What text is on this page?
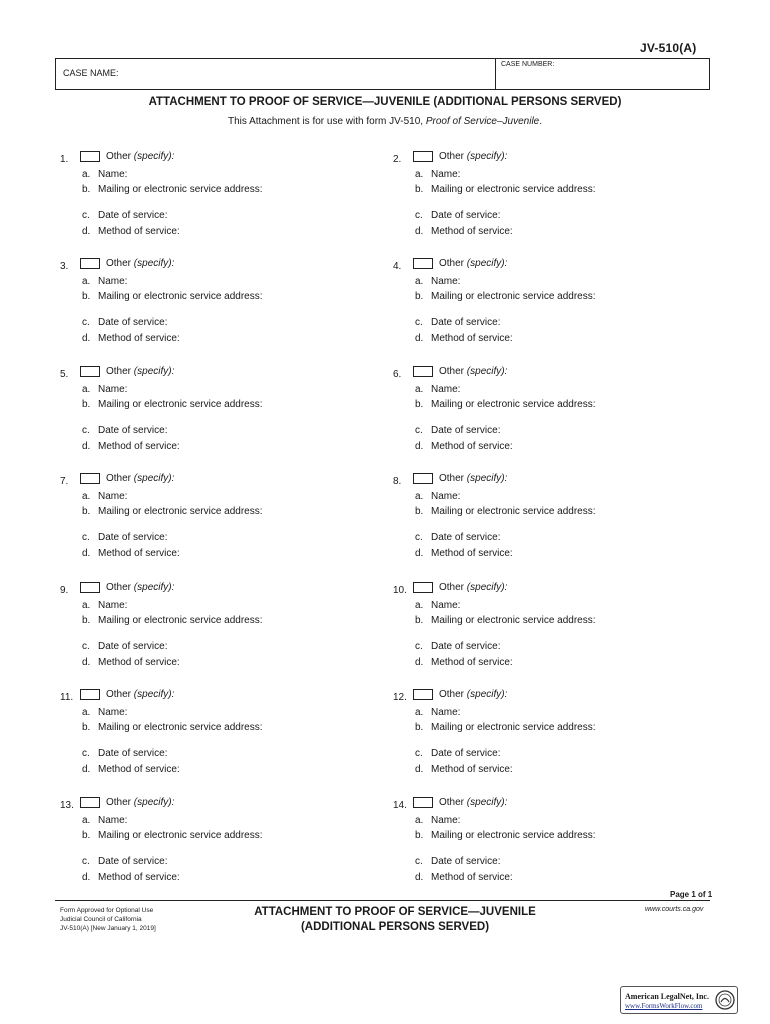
JV-510(A)
CASE NAME:
CASE NUMBER:
ATTACHMENT TO PROOF OF SERVICE—JUVENILE (ADDITIONAL PERSONS SERVED)
This Attachment is for use with form JV-510, Proof of Service–Juvenile.
1.	Other (specify):
a. Name:
b. Mailing or electronic service address:
c. Date of service:
d. Method of service:
2.	Other (specify):
a. Name:
b. Mailing or electronic service address:
c. Date of service:
d. Method of service:
3.	Other (specify):
a. Name:
b. Mailing or electronic service address:
c. Date of service:
d. Method of service:
4.	Other (specify):
a. Name:
b. Mailing or electronic service address:
c. Date of service:
d. Method of service:
5.	Other (specify):
a. Name:
b. Mailing or electronic service address:
c. Date of service:
d. Method of service:
6.	Other (specify):
a. Name:
b. Mailing or electronic service address:
c. Date of service:
d. Method of service:
7.	Other (specify):
a. Name:
b. Mailing or electronic service address:
c. Date of service:
d. Method of service:
8.	Other (specify):
a. Name:
b. Mailing or electronic service address:
c. Date of service:
d. Method of service:
9.	Other (specify):
a. Name:
b. Mailing or electronic service address:
c. Date of service:
d. Method of service:
10.	Other (specify):
a. Name:
b. Mailing or electronic service address:
c. Date of service:
d. Method of service:
11.	Other (specify):
a. Name:
b. Mailing or electronic service address:
c. Date of service:
d. Method of service:
12.	Other (specify):
a. Name:
b. Mailing or electronic service address:
c. Date of service:
d. Method of service:
13.	Other (specify):
a. Name:
b. Mailing or electronic service address:
c. Date of service:
d. Method of service:
14.	Other (specify):
a. Name:
b. Mailing or electronic service address:
c. Date of service:
d. Method of service:
Page 1 of 1
Form Approved for Optional Use
Judicial Council of California
JV-510(A) [New January 1, 2019]
ATTACHMENT TO PROOF OF SERVICE—JUVENILE
(ADDITIONAL PERSONS SERVED)
www.courts.ca.gov
American LegalNet, Inc.
www.FormsWorkFlow.com
